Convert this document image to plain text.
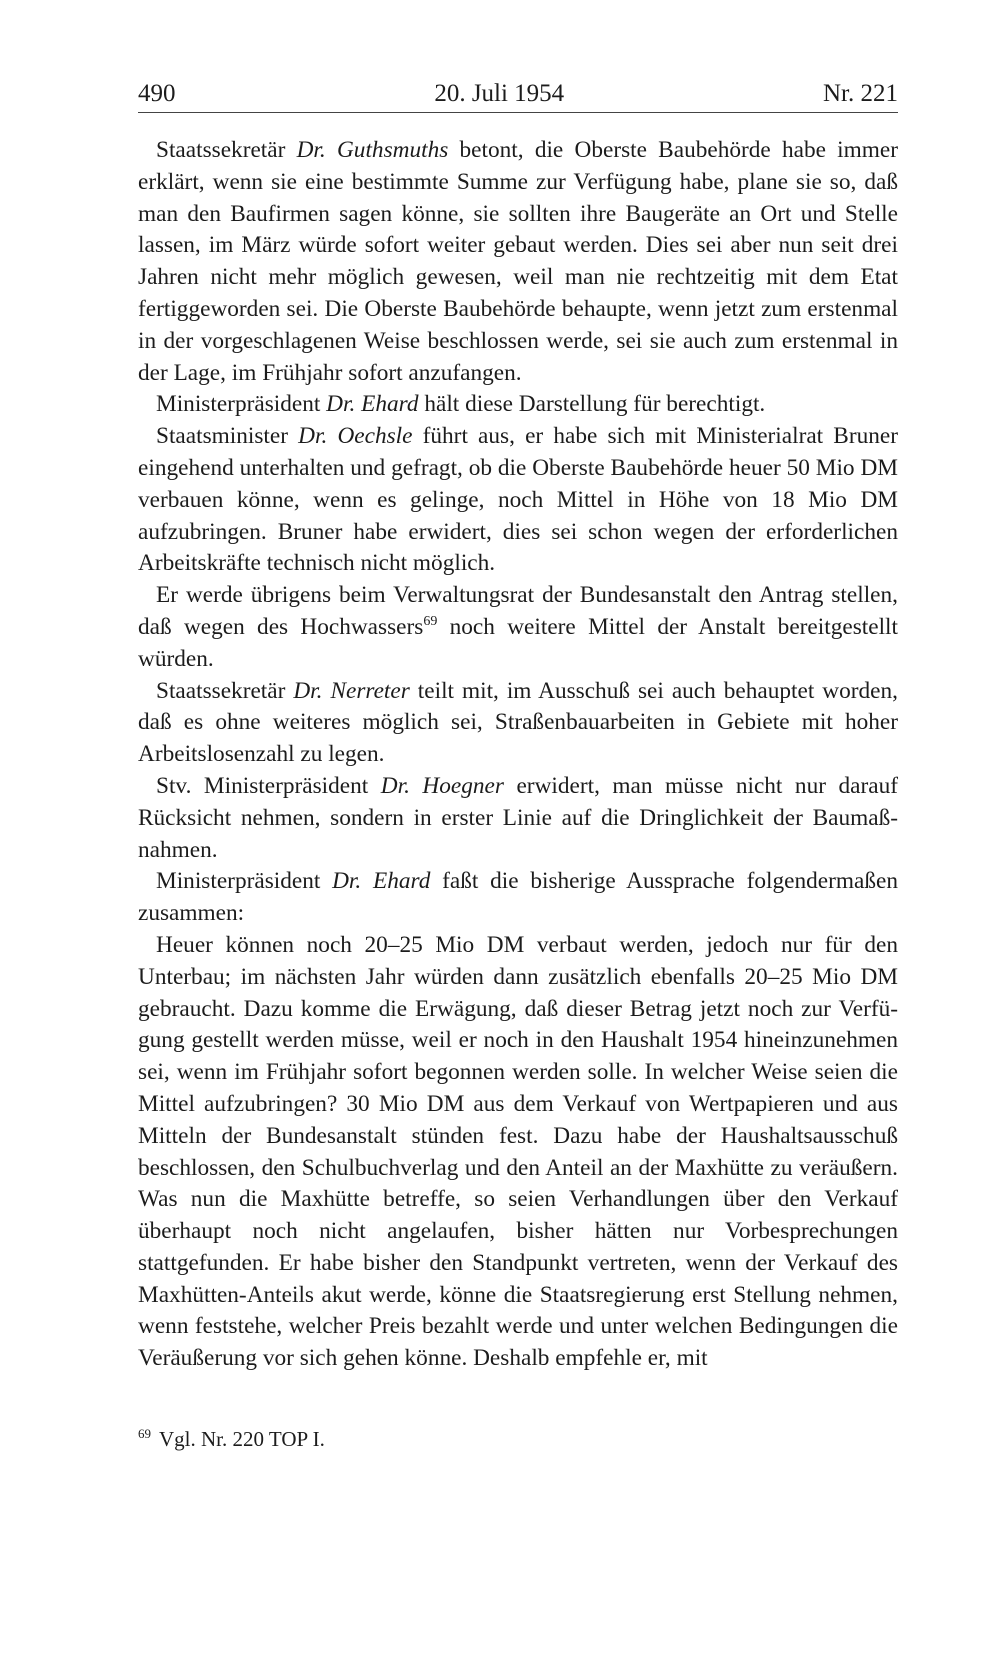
490	20. Juli 1954	Nr. 221

Staatssekretär Dr. Guthsmuths betont, die Oberste Baubehörde habe immer erklärt, wenn sie eine bestimmte Summe zur Verfügung habe, plane sie so, daß man den Baufirmen sagen könne, sie sollten ihre Baugeräte an Ort und Stelle lassen, im März würde sofort weiter gebaut werden. Dies sei aber nun seit drei Jahren nicht mehr möglich gewesen, weil man nie rechtzeitig mit dem Etat fertiggeworden sei. Die Oberste Baubehörde behaupte, wenn jetzt zum erstenmal in der vorgeschlagenen Weise beschlossen werde, sei sie auch zum erstenmal in der Lage, im Frühjahr sofort anzufangen.

Ministerpräsident Dr. Ehard hält diese Darstellung für berechtigt.

Staatsminister Dr. Oechsle führt aus, er habe sich mit Ministerialrat Bruner eingehend unterhalten und gefragt, ob die Oberste Baubehörde heuer 50 Mio DM verbauen könne, wenn es gelinge, noch Mittel in Höhe von 18 Mio DM aufzubringen. Bruner habe erwidert, dies sei schon wegen der erforderlichen Arbeitskräfte technisch nicht möglich.

Er werde übrigens beim Verwaltungsrat der Bundesanstalt den Antrag stellen, daß wegen des Hochwassers$^{69}$ noch weitere Mittel der Anstalt bereitgestellt würden.

Staatssekretär Dr. Nerreter teilt mit, im Ausschuß sei auch behauptet worden, daß es ohne weiteres möglich sei, Straßenbauarbeiten in Gebiete mit hoher Arbeitslosenzahl zu legen.

Stv. Ministerpräsident Dr. Hoegner erwidert, man müsse nicht nur darauf Rücksicht nehmen, sondern in erster Linie auf die Dringlichkeit der Baumaßnahmen.

Ministerpräsident Dr. Ehard faßt die bisherige Aussprache folgendermaßen zusammen:

Heuer können noch 20–25 Mio DM verbaut werden, jedoch nur für den Unterbau; im nächsten Jahr würden dann zusätzlich ebenfalls 20–25 Mio DM gebraucht. Dazu komme die Erwägung, daß dieser Betrag jetzt noch zur Verfügung gestellt werden müsse, weil er noch in den Haushalt 1954 hineinzunehmen sei, wenn im Frühjahr sofort begonnen werden solle. In welcher Weise seien die Mittel aufzubringen? 30 Mio DM aus dem Verkauf von Wertpapieren und aus Mitteln der Bundesanstalt stünden fest. Dazu habe der Haushaltsausschuß beschlossen, den Schulbuchverlag und den Anteil an der Maxhütte zu veräußern. Was nun die Maxhütte betreffe, so seien Verhandlungen über den Verkauf überhaupt noch nicht angelaufen, bisher hätten nur Vorbesprechungen stattgefunden. Er habe bisher den Standpunkt vertreten, wenn der Verkauf des Maxhütten-Anteils akut werde, könne die Staatsregierung erst Stellung nehmen, wenn feststehe, welcher Preis bezahlt werde und unter welchen Bedingungen die Veräußerung vor sich gehen könne. Deshalb empfehle er, mit

$^{69}$ Vgl. Nr. 220 TOP I.
